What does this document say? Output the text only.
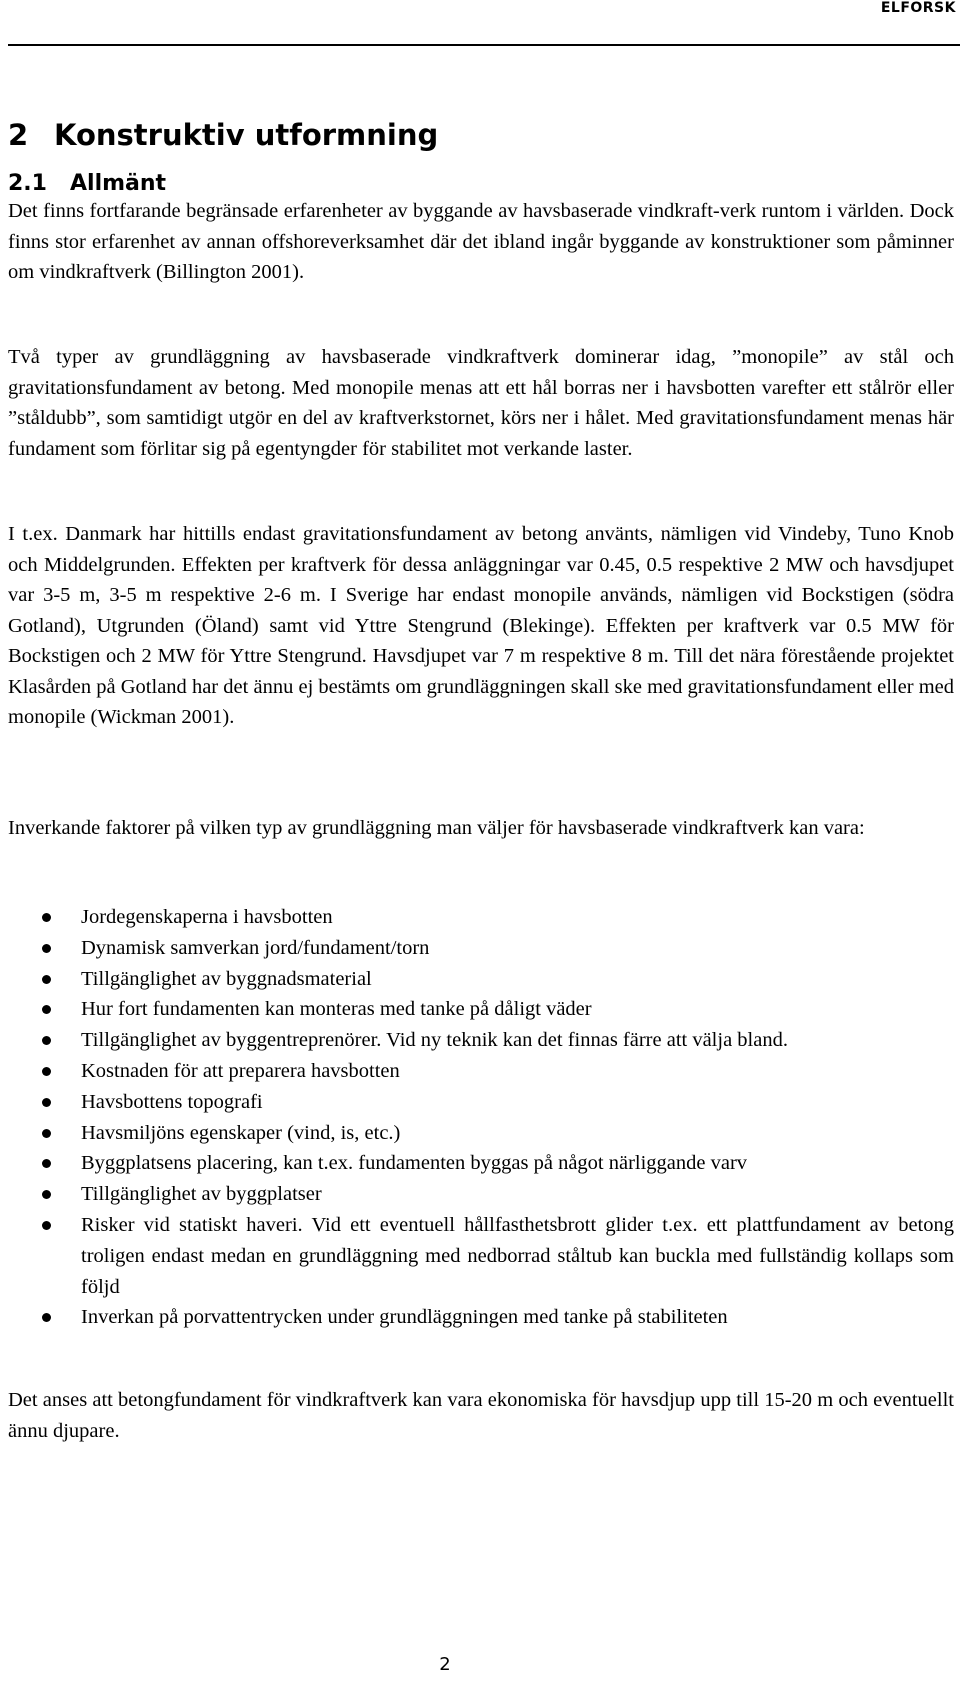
ELFORSK
2 Konstruktiv utformning
2.1 Allmänt

Det finns fortfarande begränsade erfarenheter av byggande av havsbaserade vindkraft-verk runtom i världen. Dock finns stor erfarenhet av annan offshoreverksamhet där det ibland ingår byggande av konstruktioner som påminner om vindkraftverk (Billington 2001).

Två typer av grundläggning av havsbaserade vindkraftverk dominerar idag, ”monopile” av stål och gravitationsfundament av betong. Med monopile menas att ett hål borras ner i havsbotten varefter ett stålrör eller ”ståldubb”, som samtidigt utgör en del av kraftverkstornet, körs ner i hålet. Med gravitationsfundament menas här fundament som förlitar sig på egentyngder för stabilitet mot verkande laster.

I t.ex. Danmark har hittills endast gravitationsfundament av betong använts, nämligen vid Vindeby, Tuno Knob och Middelgrunden. Effekten per kraftverk för dessa anläggningar var 0.45, 0.5 respektive 2 MW och havsdjupet var 3-5 m, 3-5 m respektive 2-6 m. I Sverige har endast monopile används, nämligen vid Bockstigen (södra Gotland), Utgrunden (Öland) samt vid Yttre Stengrund (Blekinge). Effekten per kraftverk var 0.5 MW för Bockstigen och 2 MW för Yttre Stengrund. Havsdjupet var 7 m respektive 8 m. Till det nära förestående projektet Klasården på Gotland har det ännu ej bestämts om grundläggningen skall ske med gravitationsfundament eller med monopile (Wickman 2001).

Inverkande faktorer på vilken typ av grundläggning man väljer för havsbaserade vindkraftverk kan vara:

Jordegenskaperna i havsbotten
Dynamisk samverkan jord/fundament/torn
Tillgänglighet av byggnadsmaterial
Hur fort fundamenten kan monteras med tanke på dåligt väder
Tillgänglighet av byggentreprenörer. Vid ny teknik kan det finnas färre att välja bland.
Kostnaden för att preparera havsbotten
Havsbottens topografi
Havsmiljöns egenskaper (vind, is, etc.)
Byggplatsens placering, kan t.ex. fundamenten byggas på något närliggande varv
Tillgänglighet av byggplatser
Risker vid statiskt haveri. Vid ett eventuell hållfasthetsbrott glider t.ex. ett plattfundament av betong troligen endast medan en grundläggning med nedborrad ståltub kan buckla med fullständig kollaps som följd
Inverkan på porvattentrycken under grundläggningen med tanke på stabiliteten

Det anses att betongfundament för vindkraftverk kan vara ekonomiska för havsdjup upp till 15-20 m och eventuellt ännu djupare.

2
